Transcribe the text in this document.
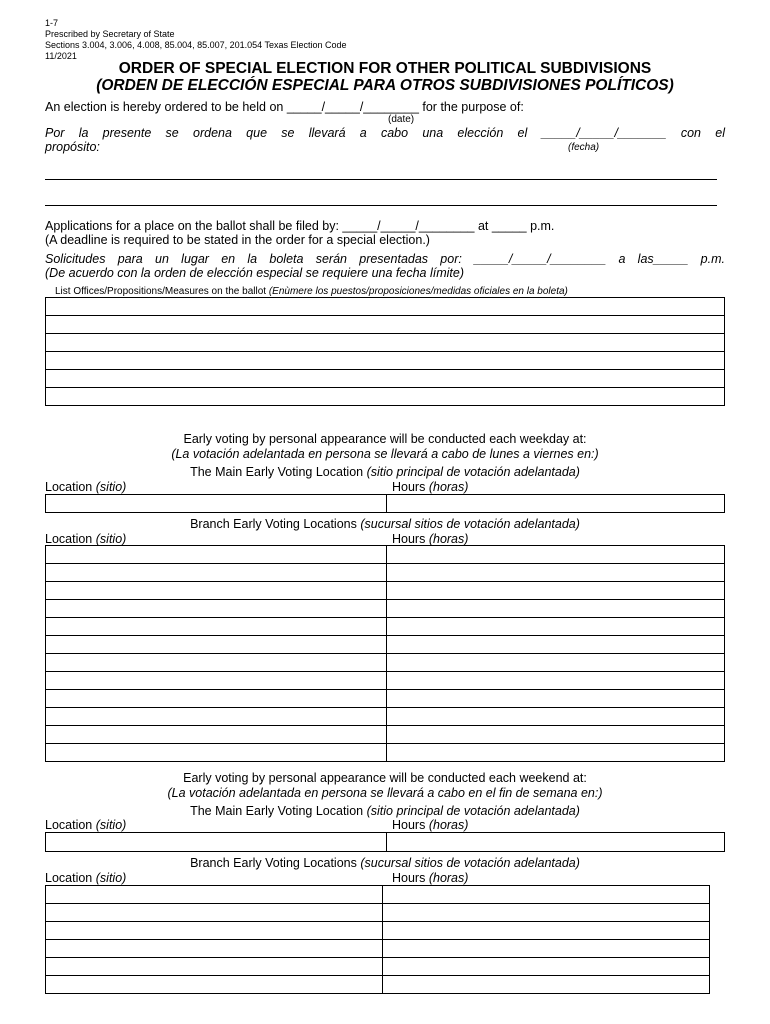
1-7
Prescribed by Secretary of State
Sections 3.004, 3.006, 4.008, 85.004, 85.007, 201.054 Texas Election Code
11/2021
ORDER OF SPECIAL ELECTION FOR OTHER POLITICAL SUBDIVISIONS
(ORDEN DE ELECCIÓN ESPECIAL PARA OTROS SUBDIVISIONES POLÍTICOS)
An election is hereby ordered to be held on _____/_____/________ for the purpose of:
(date)
Por la presente se ordena que se llevará a cabo una elección el _____/_____/_______ con el
propósito:	(fecha)
Applications for a place on the ballot shall be filed by: _____/_____/________ at _____ p.m.
(A deadline is required to be stated in the order for a special election.)
Solicitudes para un lugar en la boleta serán presentadas por: _____/_____/________ a las_____ p.m.
(De acuerdo con la orden de elección especial se requiere una fecha límite)
List Offices/Propositions/Measures on the ballot (Enùmere los puestos/proposiciones/medidas oficiales en la boleta)

Early voting by personal appearance will be conducted each weekday at:
(La votación adelantada en persona se llevará a cabo de lunes a viernes en:)
The Main Early Voting Location (sitio principal de votación adelantada)
Location (sitio)	Hours (horas)

Branch Early Voting Locations (sucursal sitios de votación adelantada)
Location (sitio)	Hours (horas)

Early voting by personal appearance will be conducted each weekend at:
(La votación adelantada en persona se llevará a cabo en el fin de semana en:)
The Main Early Voting Location (sitio principal de votación adelantada)
Location (sitio)	Hours (horas)

Branch Early Voting Locations (sucursal sitios de votación adelantada)
Location (sitio)	Hours (horas)
